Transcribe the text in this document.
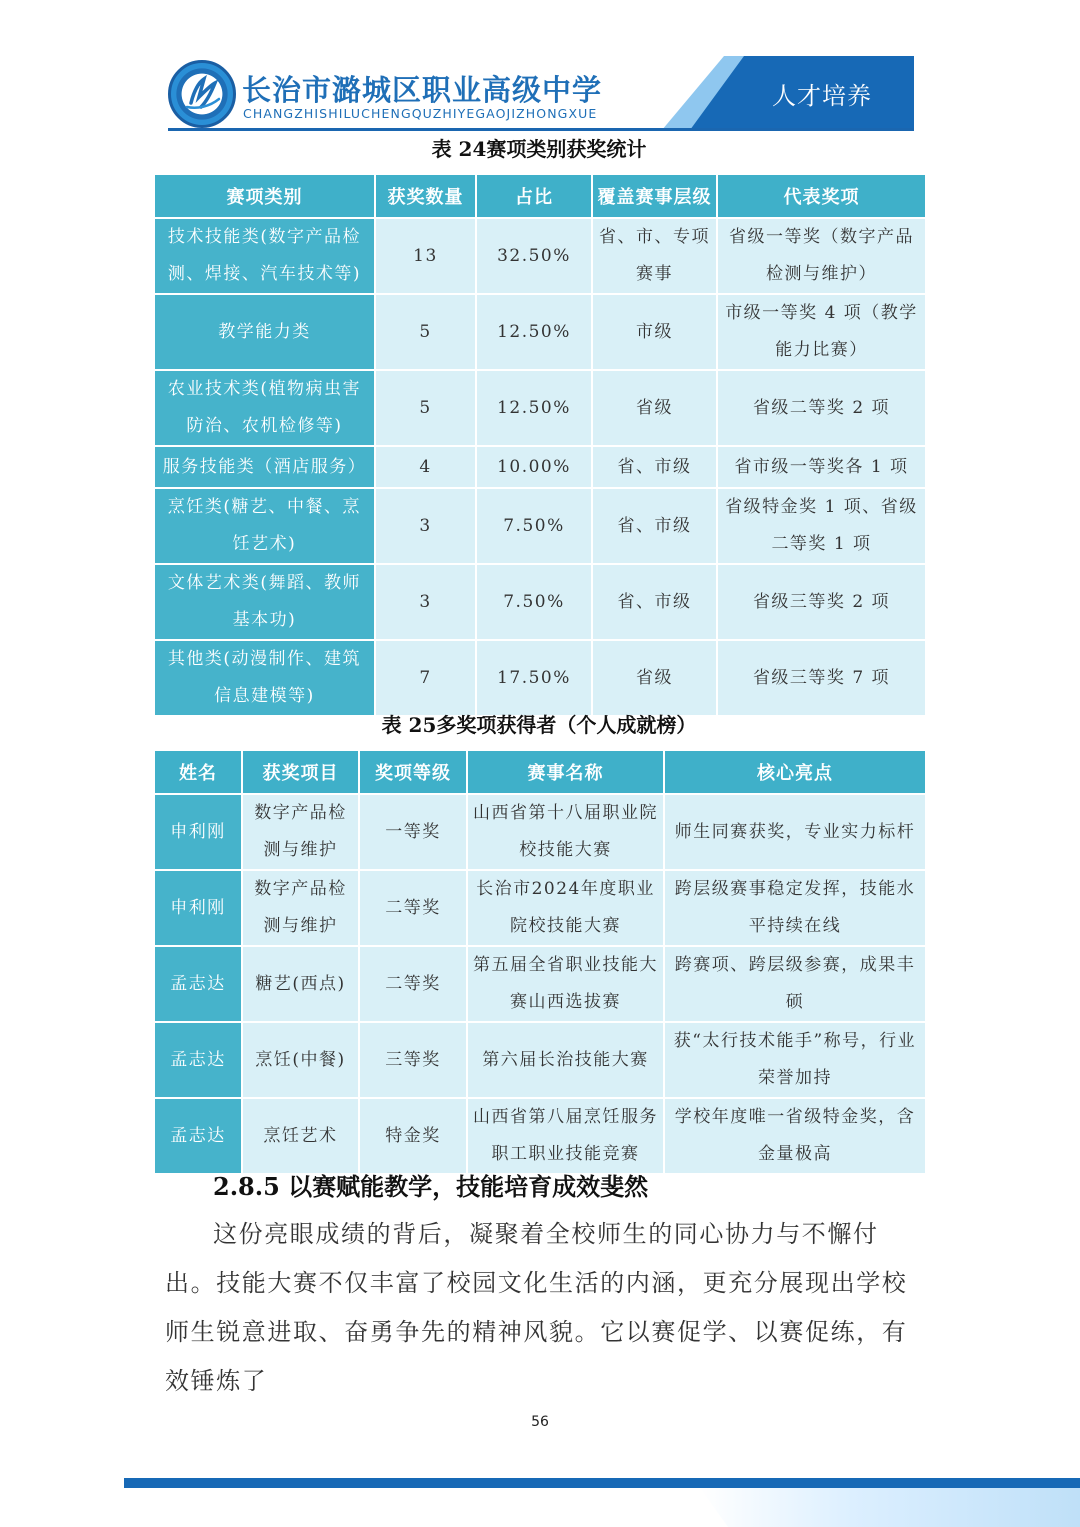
长治市潞城区职业高级中学
CHANGZHISHILUCHENGQUZHIYEGAOJIZHONGXUE
人才培养
表 24赛项类别获奖统计
赛项类别	获奖数量	占比	覆盖赛事层级	代表奖项
技术技能类(数字产品检测、焊接、汽车技术等)	13	32.50%	省、市、专项赛事	省级一等奖（数字产品检测与维护）
教学能力类	5	12.50%	市级	市级一等奖 4 项（教学能力比赛）
农业技术类(植物病虫害防治、农机检修等)	5	12.50%	省级	省级二等奖 2 项
服务技能类（酒店服务）	4	10.00%	省、市级	省市级一等奖各 1 项
烹饪类(糖艺、中餐、烹饪艺术)	3	7.50%	省、市级	省级特金奖 1 项、省级二等奖 1 项
文体艺术类(舞蹈、教师基本功)	3	7.50%	省、市级	省级三等奖 2 项
其他类(动漫制作、建筑信息建模等)	7	17.50%	省级	省级三等奖 7 项
表 25多奖项获得者（个人成就榜）
姓名	获奖项目	奖项等级	赛事名称	核心亮点
申利刚	数字产品检测与维护	一等奖	山西省第十八届职业院校技能大赛	师生同赛获奖，专业实力标杆
申利刚	数字产品检测与维护	二等奖	长治市2024年度职业院校技能大赛	跨层级赛事稳定发挥，技能水平持续在线
孟志达	糖艺(西点)	二等奖	第五届全省职业技能大赛山西选拔赛	跨赛项、跨层级参赛，成果丰硕
孟志达	烹饪(中餐)	三等奖	第六届长治技能大赛	获“太行技术能手”称号，行业荣誉加持
孟志达	烹饪艺术	特金奖	山西省第八届烹饪服务职工职业技能竞赛	学校年度唯一省级特金奖，含金量极高
2.8.5 以赛赋能教学，技能培育成效斐然

这份亮眼成绩的背后，凝聚着全校师生的同心协力与不懈付出。技能大赛不仅丰富了校园文化生活的内涵，更充分展现出学校师生锐意进取、奋勇争先的精神风貌。它以赛促学、以赛促练，有效锤炼了

56
